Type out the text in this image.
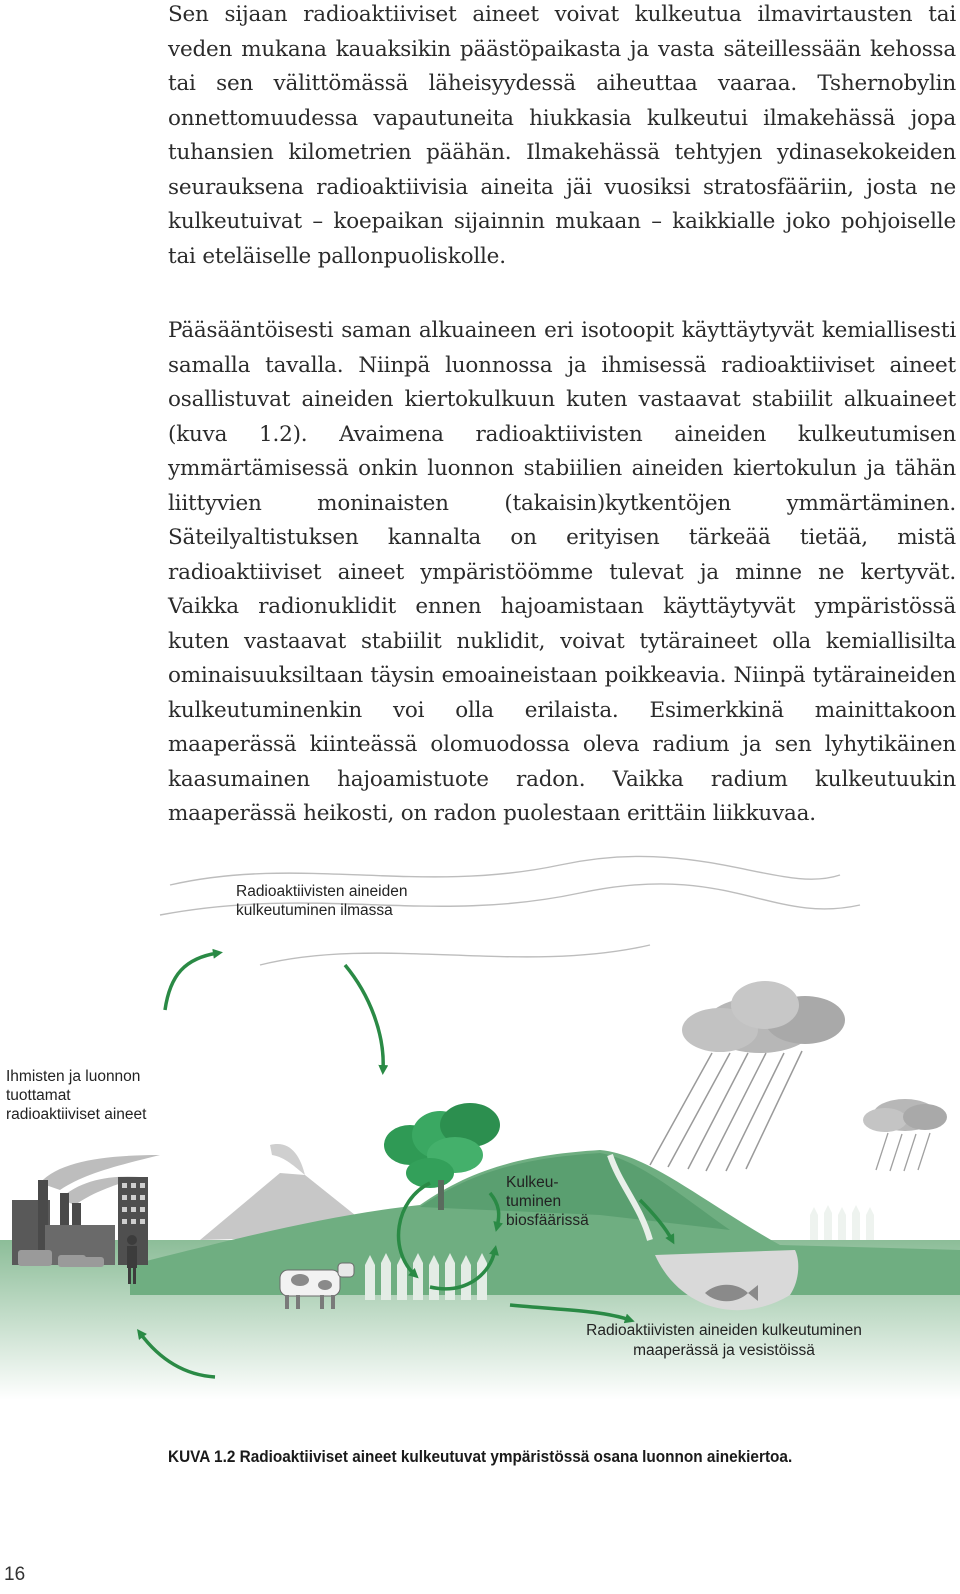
Sen sijaan radioaktiiviset aineet voivat kulkeutua ilmavirtausten tai veden mukana kauaksikin päästöpaikasta ja vasta säteillessään kehossa tai sen välittömässä läheisyydessä aiheuttaa vaaraa. Tshernobylin onnettomuudessa vapautuneita hiukkasia kulkeutui ilmakehässä jopa tuhansien kilometrien päähän. Ilmakehässä tehtyjen ydinasekokeiden seurauksena radioaktiivisia aineita jäi vuosiksi stratosfääriin, josta ne kulkeutuivat – koepaikan sijainnin mukaan – kaikkialle joko pohjoiselle tai eteläiselle pallonpuoliskolle.

Pääsääntöisesti saman alkuaineen eri isotoopit käyttäytyvät kemiallisesti samalla tavalla. Niinpä luonnossa ja ihmisessä radioaktiiviset aineet osallistuvat aineiden kiertokulkuun kuten vastaavat stabiilit alkuaineet (kuva 1.2). Avaimena radioaktiivisten aineiden kulkeutumisen ymmärtämisessä onkin luonnon stabiilien aineiden kiertokulun ja tähän liittyvien moninaisten (takaisin)kytkentöjen ymmärtäminen. Säteilyaltistuksen kannalta on erityisen tärkeää tietää, mistä radioaktiiviset aineet ympäristöömme tulevat ja minne ne kertyvät. Vaikka radionuklidit ennen hajoamistaan käyttäytyvät ympäristössä kuten vastaavat stabiilit nuklidit, voivat tytäraineet olla kemiallisilta ominaisuuksiltaan täysin emoaineistaan poikkeavia. Niinpä tytäraineiden kulkeutuminenkin voi olla erilaista. Esimerkkinä mainittakoon maaperässä kiinteässä olomuodossa oleva radium ja sen lyhytikäinen kaasumainen hajoamistuote radon. Vaikka radium kulkeutuukin maaperässä heikosti, on radon puolestaan erittäin liikkuvaa.

Radioaktiivisten aineiden
kulkeutuminen ilmassa
Ihmisten ja luonnon
tuottamat
radioaktiiviset aineet
Kulkeu-
tuminen
biosfäärissä
Radioaktiivisten aineiden kulkeutuminen
maaperässä ja vesistöissä

KUVA 1.2 Radioaktiiviset aineet kulkeutuvat ympäristössä osana luonnon ainekiertoa.

16
